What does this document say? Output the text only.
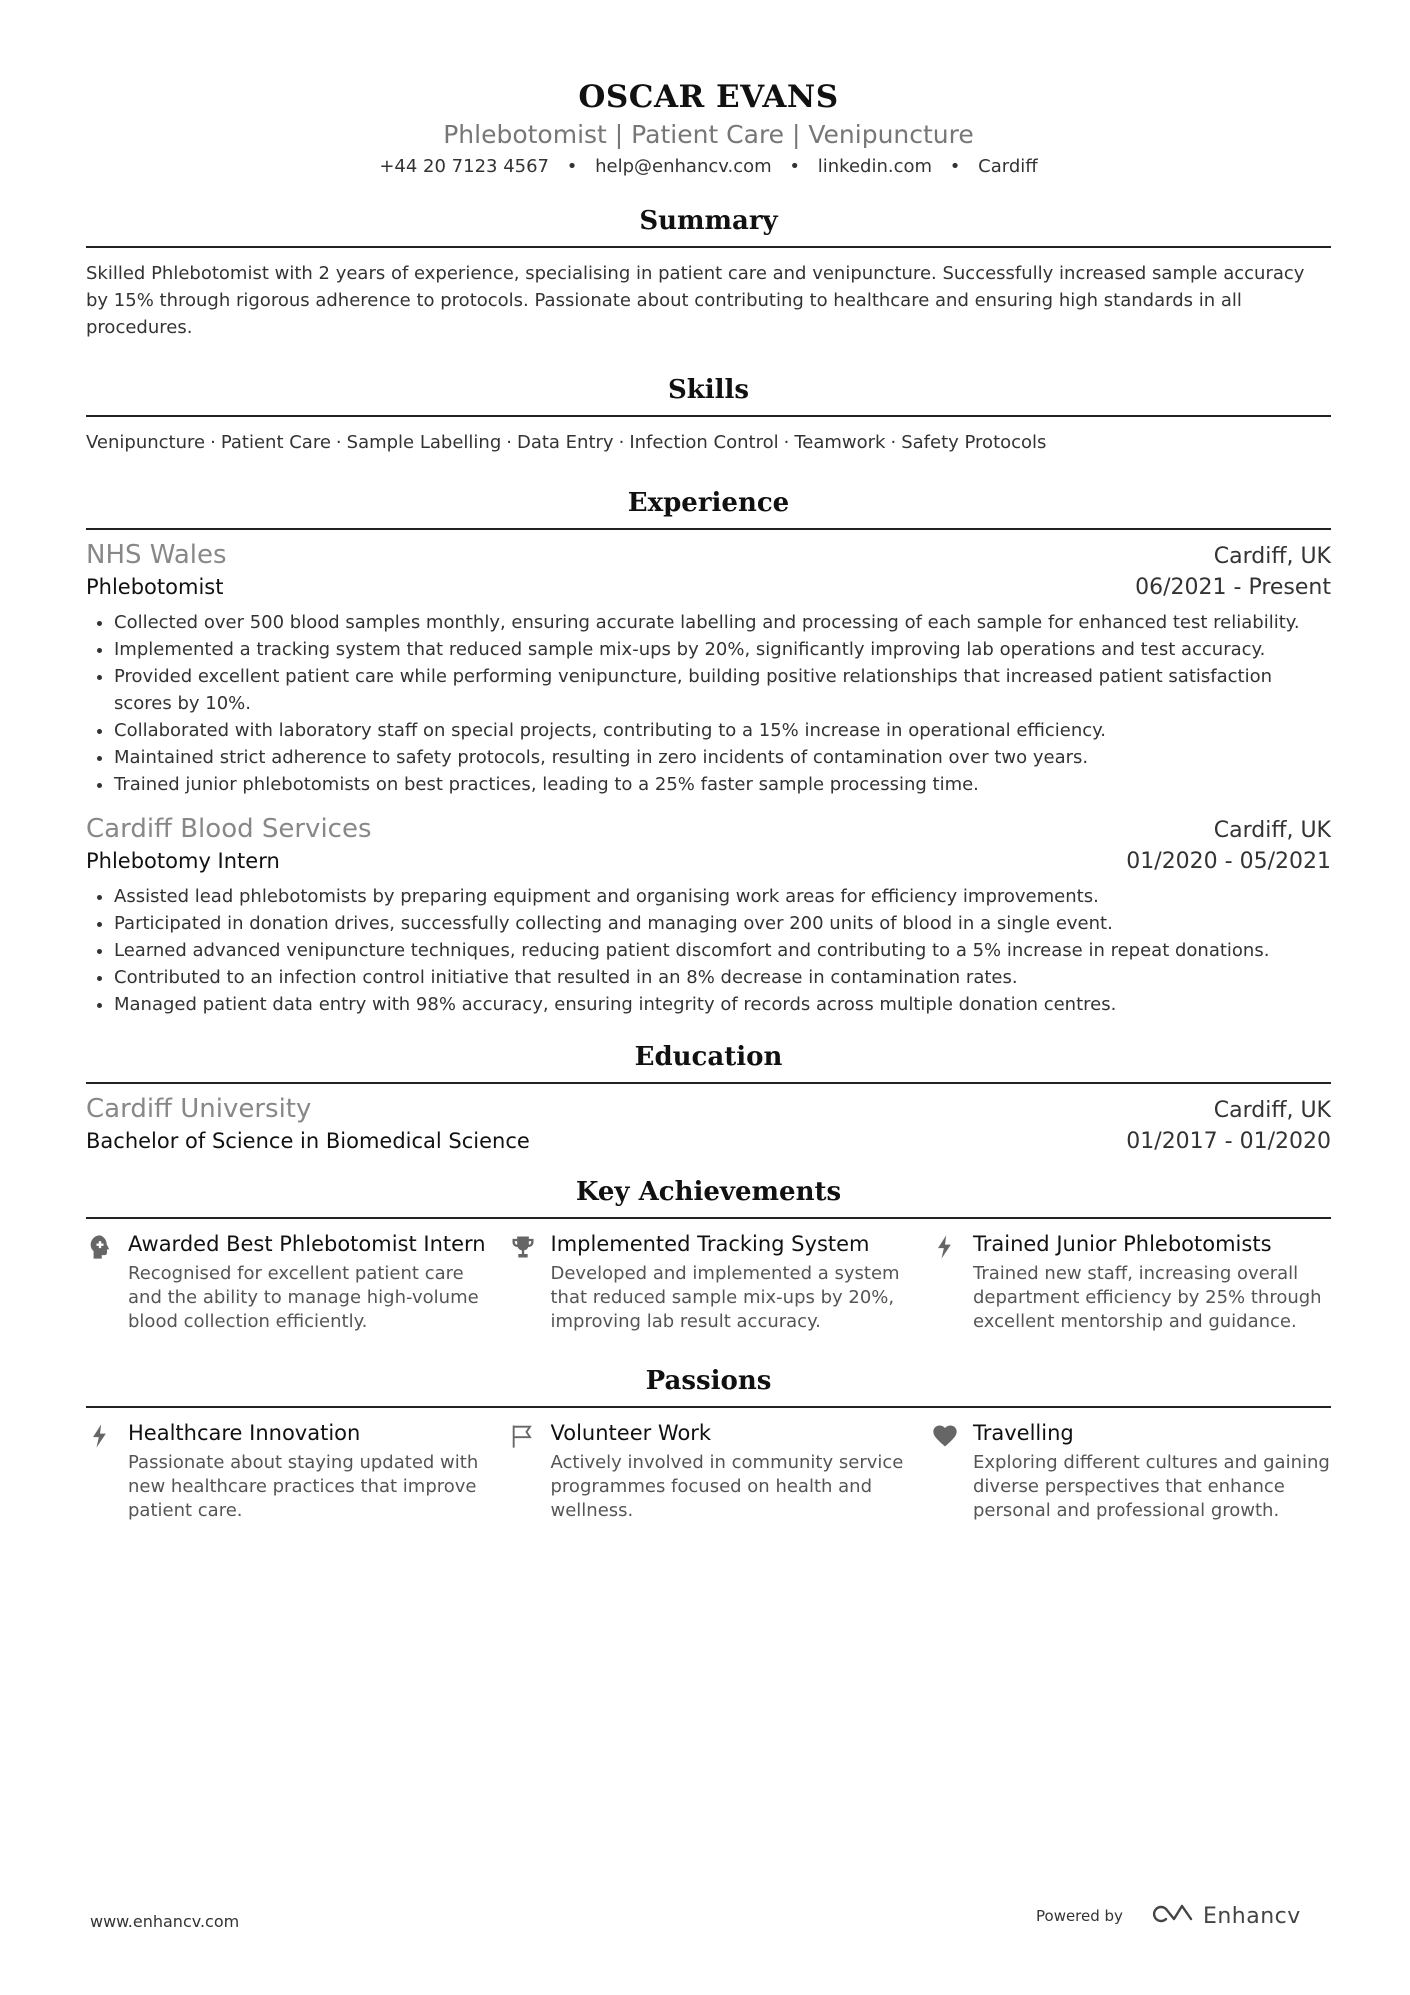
OSCAR EVANS
Phlebotomist | Patient Care | Venipuncture
+44 20 7123 4567 • help@enhancv.com • linkedin.com • Cardiff
Summary

Skilled Phlebotomist with 2 years of experience, specialising in patient care and venipuncture. Successfully increased sample accuracy by 15% through rigorous adherence to protocols. Passionate about contributing to healthcare and ensuring high standards in all procedures.

Skills
Venipuncture · Patient Care · Sample Labelling · Data Entry · Infection Control · Teamwork · Safety Protocols
Experience
NHS Wales	Cardiff, UK
Phlebotomist	06/2021 - Present
• Collected over 500 blood samples monthly, ensuring accurate labelling and processing of each sample for enhanced test reliability.
• Implemented a tracking system that reduced sample mix-ups by 20%, significantly improving lab operations and test accuracy.
• Provided excellent patient care while performing venipuncture, building positive relationships that increased patient satisfaction scores by 10%.
• Collaborated with laboratory staff on special projects, contributing to a 15% increase in operational efficiency.
• Maintained strict adherence to safety protocols, resulting in zero incidents of contamination over two years.
• Trained junior phlebotomists on best practices, leading to a 25% faster sample processing time.
Cardiff Blood Services	Cardiff, UK
Phlebotomy Intern	01/2020 - 05/2021
• Assisted lead phlebotomists by preparing equipment and organising work areas for efficiency improvements.
• Participated in donation drives, successfully collecting and managing over 200 units of blood in a single event.
• Learned advanced venipuncture techniques, reducing patient discomfort and contributing to a 5% increase in repeat donations.
• Contributed to an infection control initiative that resulted in an 8% decrease in contamination rates.
• Managed patient data entry with 98% accuracy, ensuring integrity of records across multiple donation centres.
Education
Cardiff University	Cardiff, UK
Bachelor of Science in Biomedical Science	01/2017 - 01/2020
Key Achievements
Awarded Best Phlebotomist Intern
Recognised for excellent patient care and the ability to manage high-volume blood collection efficiently.
Implemented Tracking System
Developed and implemented a system that reduced sample mix-ups by 20%, improving lab result accuracy.
Trained Junior Phlebotomists
Trained new staff, increasing overall department efficiency by 25% through excellent mentorship and guidance.
Passions
Healthcare Innovation
Passionate about staying updated with new healthcare practices that improve patient care.
Volunteer Work
Actively involved in community service programmes focused on health and wellness.
Travelling
Exploring different cultures and gaining diverse perspectives that enhance personal and professional growth.
www.enhancv.com	Powered by	Enhancv
